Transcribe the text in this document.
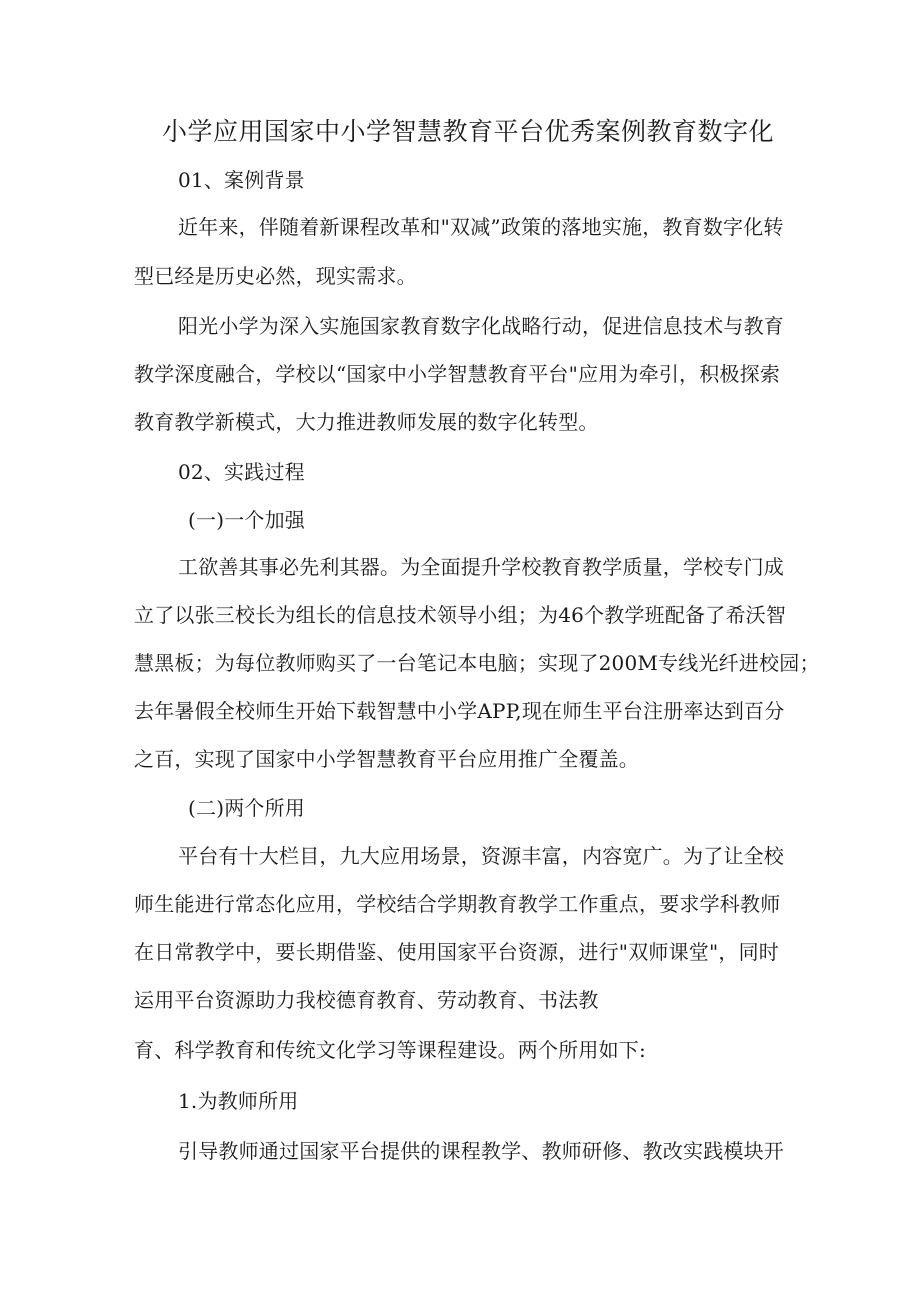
小学应用国家中小学智慧教育平台优秀案例教育数字化

01、案例背景

近年来，伴随着新课程改革和"双减”政策的落地实施，教育数字化转

型已经是历史必然，现实需求。

阳光小学为深入实施国家教育数字化战略行动，促进信息技术与教育

教学深度融合，学校以“国家中小学智慧教育平台"应用为牵引，积极探索

教育教学新模式，大力推进教师发展的数字化转型。

02、实践过程

(一)一个加强

工欲善其事必先利其器。为全面提升学校教育教学质量，学校专门成

立了以张三校长为组长的信息技术领导小组；为46个教学班配备了希沃智

慧黑板；为每位教师购买了一台笔记本电脑；实现了200M专线光纤进校园；

去年暑假全校师生开始下载智慧中小学APP,现在师生平台注册率达到百分

之百，实现了国家中小学智慧教育平台应用推广全覆盖。

(二)两个所用

平台有十大栏目，九大应用场景，资源丰富，内容宽广。为了让全校

师生能进行常态化应用，学校结合学期教育教学工作重点，要求学科教师

在日常教学中，要长期借鉴、使用国家平台资源，进行"双师课堂"，同时

运用平台资源助力我校德育教育、劳动教育、书法教

育、科学教育和传统文化学习等课程建设。两个所用如下:

1.为教师所用

引导教师通过国家平台提供的课程教学、教师研修、教改实践模块开
